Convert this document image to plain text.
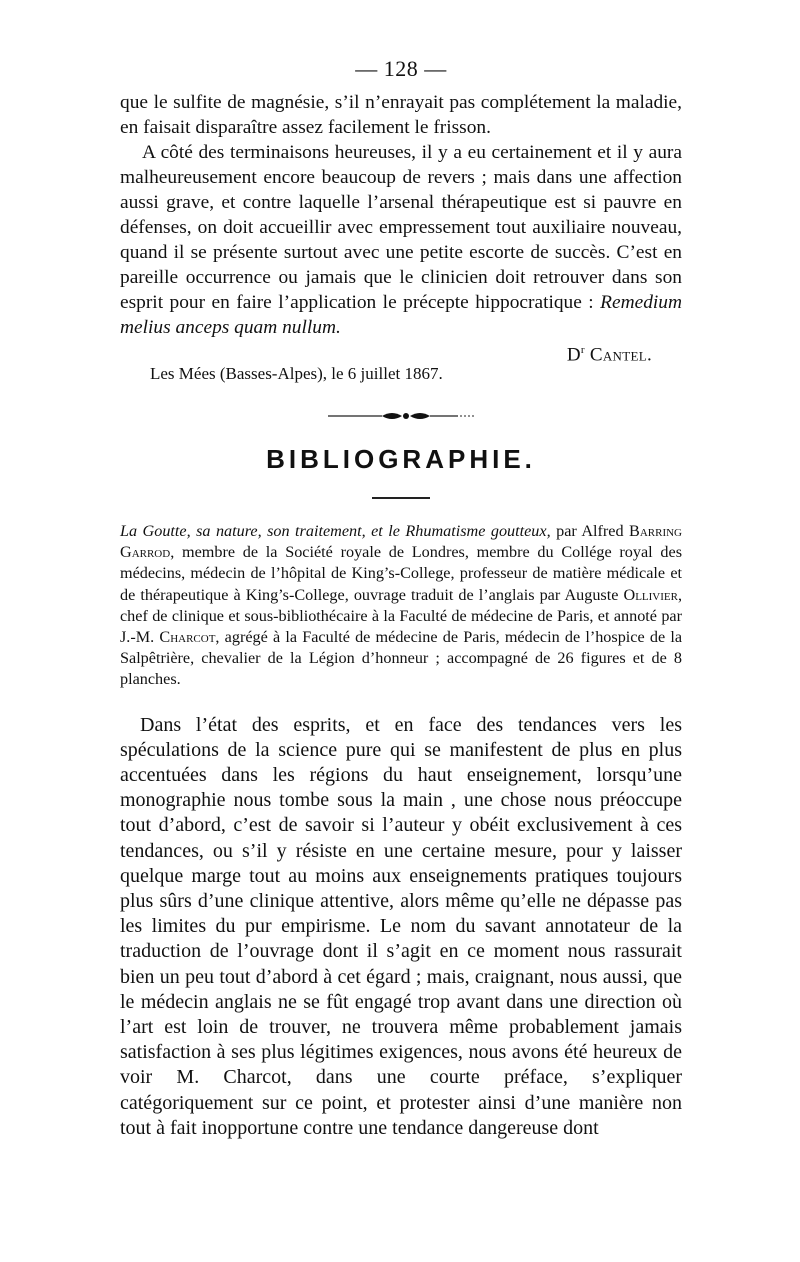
— 128 —

que le sulfite de magnésie, s’il n’enrayait pas complétement la maladie, en faisait disparaître assez facilement le frisson.

A côté des terminaisons heureuses, il y a eu certainement et il y aura malheureusement encore beaucoup de revers ; mais dans une affection aussi grave, et contre laquelle l’arsenal thérapeutique est si pauvre en défenses, on doit accueillir avec empressement tout auxiliaire nouveau, quand il se présente surtout avec une petite escorte de succès. C’est en pareille occurrence ou jamais que le clinicien doit retrouver dans son esprit pour en faire l’application le précepte hippocratique : Remedium melius anceps quam nullum.

$D^r$ Cantel.
Les Mées (Basses-Alpes), le 6 juillet 1867.
BIBLIOGRAPHIE.

La Goutte, sa nature, son traitement, et le Rhumatisme goutteux, par Alfred Barring Garrod, membre de la Société royale de Londres, membre du Collége royal des médecins, médecin de l’hôpital de King’s-College, professeur de matière médicale et de thérapeutique à King’s-College, ouvrage traduit de l’anglais par Auguste Ollivier, chef de clinique et sous-bibliothécaire à la Faculté de médecine de Paris, et annoté par J.-M. Charcot, agrégé à la Faculté de médecine de Paris, médecin de l’hospice de la Salpêtrière, chevalier de la Légion d’honneur ; accompagné de 26 figures et de 8 planches.

Dans l’état des esprits, et en face des tendances vers les spéculations de la science pure qui se manifestent de plus en plus accentuées dans les régions du haut enseignement, lorsqu’une monographie nous tombe sous la main , une chose nous préoccupe tout d’abord, c’est de savoir si l’auteur y obéit exclusivement à ces tendances, ou s’il y résiste en une certaine mesure, pour y laisser quelque marge tout au moins aux enseignements pratiques toujours plus sûrs d’une clinique attentive, alors même qu’elle ne dépasse pas les limites du pur empirisme. Le nom du savant annotateur de la traduction de l’ouvrage dont il s’agit en ce moment nous rassurait bien un peu tout d’abord à cet égard ; mais, craignant, nous aussi, que le médecin anglais ne se fût engagé trop avant dans une direction où l’art est loin de trouver, ne trouvera même probablement jamais satisfaction à ses plus légitimes exigences, nous avons été heureux de voir M. Charcot, dans une courte préface, s’expliquer catégoriquement sur ce point, et protester ainsi d’une manière non tout à fait inopportune contre une tendance dangereuse dont
